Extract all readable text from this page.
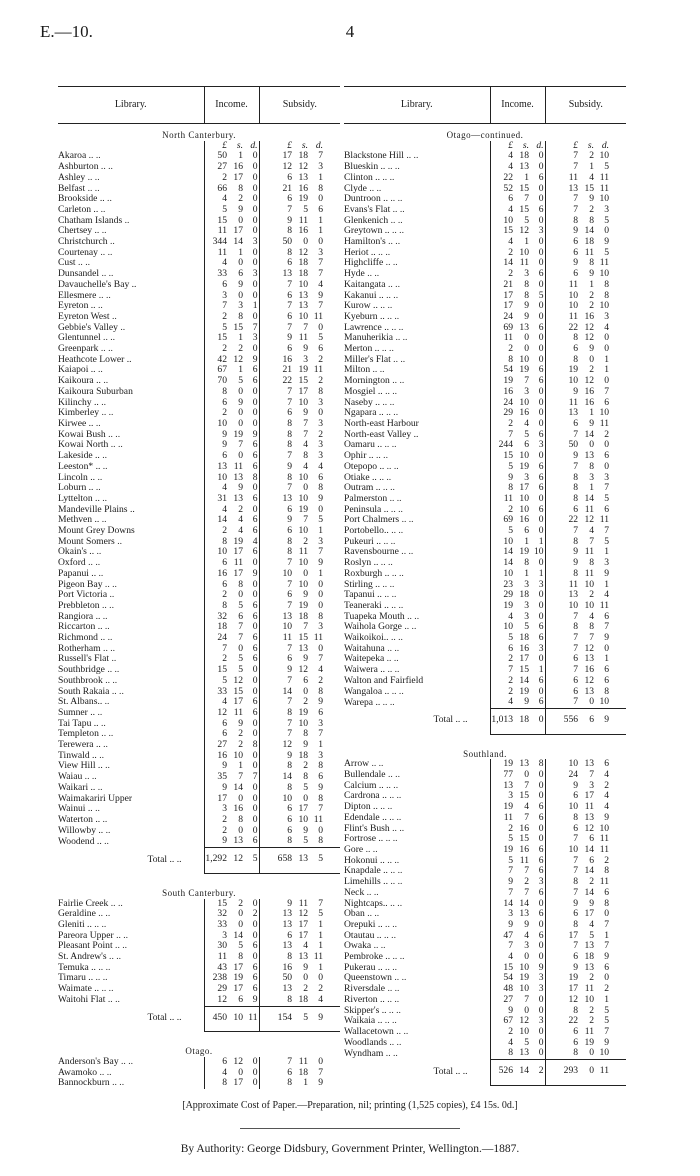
E.—10.	4
Library.	Income.			Subsidy.			
North Canterbury.							
	£	s.	d.	£	s.	d.	
Akaroa .. ..	50	1	0	17	18	7	
Ashburton .. ..	27	16	0	12	12	3	
Ashley .. ..	2	17	0	6	13	1	
Belfast .. ..	66	8	0	21	16	8	
Brookside .. ..	4	2	0	6	19	0	
Carleton .. ..	5	9	0	7	5	6	
Chatham Islands ..	15	0	0	9	11	1	
Chertsey .. ..	11	17	0	8	16	1	
Christchurch ..	344	14	3	50	0	0	
Courtenay .. ..	11	1	0	8	12	3	
Cust .. ..	4	0	0	6	18	7	
Dunsandel .. ..	33	6	3	13	18	7	
Davauchelle's Bay ..	6	9	0	7	10	4	
Ellesmere .. ..	3	0	0	6	13	9	
Eyreton .. ..	7	3	1	7	13	7	
Eyreton West ..	2	8	0	6	10	11	
Gebbie's Valley ..	5	15	7	7	7	0	
Glentunnel .. ..	15	1	3	9	11	5	
Greenpark .. ..	2	2	0	6	9	6	
Heathcote Lower ..	42	12	9	16	3	2	
Kaiapoi .. ..	67	1	6	21	19	11	
Kaikoura .. ..	70	5	6	22	15	2	
Kaikoura Suburban	8	0	0	7	17	8	
Kilinchy .. ..	6	9	0	7	10	3	
Kimberley .. ..	2	0	0	6	9	0	
Kirwee .. ..	10	0	0	8	7	3	
Kowai Bush .. ..	9	19	9	8	7	2	
Kowai North .. ..	9	7	6	8	4	3	
Lakeside .. ..	6	0	6	7	8	3	
Leeston* .. ..	13	11	6	9	4	4	
Lincoln .. ..	10	13	8	8	10	6	
Loburn .. ..	4	9	0	7	0	8	
Lyttelton .. ..	31	13	6	13	10	9	
Mandeville Plains ..	4	2	0	6	19	0	
Methven .. ..	14	4	6	9	7	5	
Mount Grey Downs	2	4	6	6	10	1	
Mount Somers ..	8	19	4	8	2	3	
Okain's .. ..	10	17	6	8	11	7	
Oxford .. ..	6	11	0	7	10	9	
Papanui .. ..	16	17	9	10	0	1	
Pigeon Bay .. ..	6	8	0	7	10	0	
Port Victoria ..	2	0	0	6	9	0	
Prebbleton .. ..	8	5	6	7	19	0	
Rangiora .. ..	32	6	6	13	18	8	
Riccarton .. ..	18	7	0	10	7	3	
Richmond .. ..	24	7	6	11	15	11	
Rotherham .. ..	7	0	6	7	13	0	
Russell's Flat ..	2	5	6	6	9	7	
Southbridge .. ..	15	5	0	9	12	4	
Southbrook .. ..	5	12	0	7	6	2	
South Rakaia .. ..	33	15	0	14	0	8	
St. Albans.. ..	4	17	6	7	2	9	
Sumner .. ..	12	11	6	8	19	6	
Tai Tapu .. ..	6	9	0	7	10	3	
Templeton .. ..	6	2	0	7	8	7	
Terewera .. ..	27	2	8	12	9	1	
Tinwald .. ..	16	10	0	9	18	3	
View Hill .. ..	9	1	0	8	2	8	
Waiau .. ..	35	7	7	14	8	6	
Waikari .. ..	9	14	0	8	5	9	
Waimakariri Upper	17	0	0	10	0	8	
Wainui .. ..	3	16	0	6	17	7	
Waterton .. ..	2	8	0	6	10	11	
Willowby .. ..	2	0	0	6	9	0	
Woodend .. ..	9	13	6	8	5	8	
Total .. ..	1,292	12	5	658	13	5	

South Canterbury.							
Fairlie Creek .. ..	15	2	0	9	11	7	
Geraldine .. ..	32	0	2	13	12	5	
Gleniti .. .. ..	33	0	0	13	17	1	
Pareora Upper .. ..	3	14	0	6	17	1	
Pleasant Point .. ..	30	5	6	13	4	1	
St. Andrew's .. ..	11	8	0	8	13	11	
Temuka .. .. ..	43	17	6	16	9	1	
Timaru .. .. ..	238	19	6	50	0	0	
Waimate .. .. ..	29	17	6	13	2	2	
Waitohi Flat .. ..	12	6	9	8	18	4	
Total .. ..	450	10	11	154	5	9	

Otago.							
Anderson's Bay .. ..	6	12	0	7	11	0	
Awamoko .. ..	4	0	0	6	18	7	
Bannockburn .. ..	8	17	0	8	1	9	
Library.	Income.			Subsidy.			
Otago—continued.							
	£	s.	d.	£	s.	d.	
Blackstone Hill .. ..	4	18	0	7	2	10	
Blueskin .. .. ..	4	13	0	7	1	5	
Clinton .. .. ..	22	1	6	11	4	11	
Clyde .. ..	52	15	0	13	15	11	
Duntroon .. .. ..	6	7	0	7	9	10	
Evans's Flat .. ..	4	15	6	7	2	3	
Glenkenich .. ..	10	5	0	8	8	5	
Greytown .. .. ..	15	12	3	9	14	0	
Hamilton's .. ..	4	1	0	6	18	9	
Heriot .. .. ..	2	10	0	6	11	5	
Highcliffe .. ..	14	11	0	9	8	11	
Hyde .. ..	2	3	6	6	9	10	
Kaitangata .. ..	21	8	0	11	1	8	
Kakanui .. .. ..	17	8	5	10	2	8	
Kurow .. .. ..	17	9	0	10	2	10	
Kyeburn .. .. ..	24	9	0	11	16	3	
Lawrence .. .. ..	69	13	6	22	12	4	
Manuherikia .. ..	11	0	0	8	12	0	
Merton .. .. ..	2	0	0	6	9	0	
Miller's Flat .. ..	8	10	0	8	0	1	
Milton .. ..	54	19	6	19	2	1	
Mornington .. ..	19	7	6	10	12	0	
Mosgiel .. .. ..	16	3	0	9	16	7	
Naseby .. .. ..	24	10	0	11	16	6	
Ngapara .. .. ..	29	16	0	13	1	10	
North-east Harbour	2	4	0	6	9	11	
North-east Valley ..	7	5	6	7	14	2	
Oamaru .. .. ..	244	6	3	50	0	0	
Ophir .. .. ..	15	10	0	9	13	6	
Otepopo .. .. ..	5	19	6	7	8	0	
Otiake .. .. ..	9	3	6	8	3	3	
Outram .. .. ..	8	17	6	8	1	7	
Palmerston .. ..	11	10	0	8	14	5	
Peninsula .. .. ..	2	10	6	6	11	6	
Port Chalmers .. ..	69	16	0	22	12	11	
Portobello.. .. ..	5	6	0	7	4	7	
Pukeuri .. .. ..	10	1	1	8	7	5	
Ravensbourne .. ..	14	19	10	9	11	1	
Roslyn .. .. ..	14	8	0	9	8	3	
Roxburgh .. .. ..	10	1	1	8	11	9	
Stirling .. .. ..	23	3	3	11	10	1	
Tapanui .. .. ..	29	18	0	13	2	4	
Teaneraki .. .. ..	19	3	0	10	10	11	
Tuapeka Mouth .. ..	4	3	0	7	4	6	
Waihola Gorge .. ..	10	5	6	8	8	7	
Waikoikoi.. .. ..	5	18	6	7	7	9	
Waitahuna .. ..	6	16	3	7	12	0	
Waitepeka .. ..	2	17	0	6	13	1	
Waiwera .. .. ..	7	15	1	7	16	6	
Walton and Fairfield	2	14	6	6	12	6	
Wangaloa .. .. ..	2	19	0	6	13	8	
Warepa .. .. ..	4	9	6	7	0	10	
Total .. ..	1,013	18	0	556	6	9	

Southland.							
Arrow .. ..	19	13	8	10	13	6	
Bullendale .. ..	77	0	0	24	7	4	
Calcium .. .. ..	13	7	0	9	3	2	
Cardrona .. .. ..	3	15	0	6	17	4	
Dipton .. .. ..	19	4	6	10	11	4	
Edendale .. .. ..	11	7	6	8	13	9	
Flint's Bush .. ..	2	16	0	6	12	10	
Fortrose .. .. ..	5	15	0	7	6	11	
Gore .. ..	19	16	6	10	14	11	
Hokonui .. .. ..	5	11	6	7	6	2	
Knapdale .. .. ..	7	7	6	7	14	8	
Limehills .. .. ..	9	2	3	8	2	11	
Neck .. ..	7	7	6	7	14	6	
Nightcaps.. .. ..	14	14	0	9	9	8	
Oban .. ..	3	13	6	6	17	0	
Orepuki .. .. ..	9	9	0	8	4	7	
Otautau .. .. ..	47	4	6	17	5	1	
Owaka .. ..	7	3	0	7	13	7	
Pembroke .. .. ..	4	0	0	6	18	9	
Pukerau .. .. ..	15	10	9	9	13	6	
Queenstown .. ..	54	19	3	19	2	0	
Riversdale .. ..	48	10	3	17	11	2	
Riverton .. .. ..	27	7	0	12	10	1	
Skipper's .. .. ..	9	0	0	8	2	5	
Waikaia .. .. ..	67	12	3	22	2	5	
Wallacetown .. ..	2	10	0	6	11	7	
Woodlands .. ..	4	5	0	6	19	9	
Wyndham .. ..	8	13	0	8	0	10	
Total .. ..	526	14	2	293	0	11	
[Approximate Cost of Paper.—Preparation, nil; printing (1,525 copies), £4 15s. 0d.]
By Authority: George Didsbury, Government Printer, Wellington.—1887.
